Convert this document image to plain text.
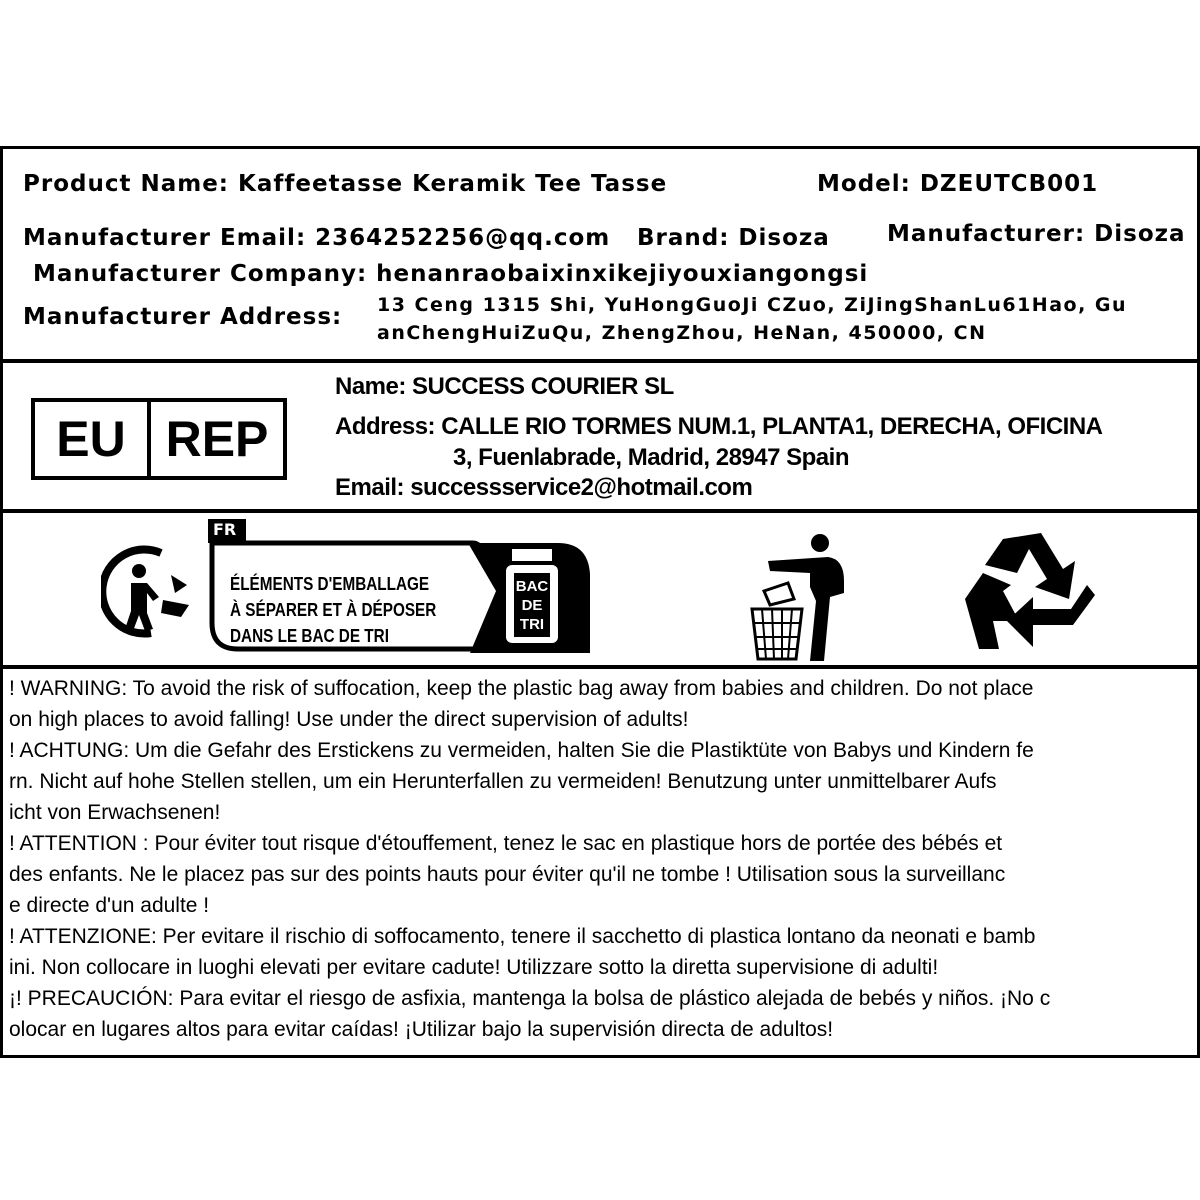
Product Name: Kaffeetasse Keramik Tee Tasse	Model: DZEUTCB001
Manufacturer Email: 2364252256@qq.com Brand: Disoza Manufacturer: Disoza
Manufacturer Company: henanraobaixinxikejiyouxiangongsi
Manufacturer Address: 13 Ceng 1315 Shi, YuHongGuoJi CZuo, ZiJingShanLu61Hao, Gu
anChengHuiZuQu, ZhengZhou, HeNan, 450000, CN
EU REP
Name: SUCCESS COURIER SL
Address: CALLE RIO TORMES NUM.1, PLANTA1, DERECHA, OFICINA
3, Fuenlabrade, Madrid, 28947 Spain
Email: successservice2@hotmail.com
FR
ÉLÉMENTS D'EMBALLAGE
À SÉPARER ET À DÉPOSER
DANS LE BAC DE TRI
BAC
DE
TRI
! WARNING: To avoid the risk of suffocation, keep the plastic bag away from babies and children. Do not place
on high places to avoid falling! Use under the direct supervision of adults!
! ACHTUNG: Um die Gefahr des Erstickens zu vermeiden, halten Sie die Plastiktüte von Babys und Kindern fe
rn. Nicht auf hohe Stellen stellen, um ein Herunterfallen zu vermeiden! Benutzung unter unmittelbarer Aufs
icht von Erwachsenen!
! ATTENTION : Pour éviter tout risque d'étouffement, tenez le sac en plastique hors de portée des bébés et
des enfants. Ne le placez pas sur des points hauts pour éviter qu'il ne tombe ! Utilisation sous la surveillanc
e directe d'un adulte !
! ATTENZIONE: Per evitare il rischio di soffocamento, tenere il sacchetto di plastica lontano da neonati e bamb
ini. Non collocare in luoghi elevati per evitare cadute! Utilizzare sotto la diretta supervisione di adulti!
¡! PRECAUCIÓN: Para evitar el riesgo de asfixia, mantenga la bolsa de plástico alejada de bebés y niños. ¡No c
olocar en lugares altos para evitar caídas! ¡Utilizar bajo la supervisión directa de adultos!
